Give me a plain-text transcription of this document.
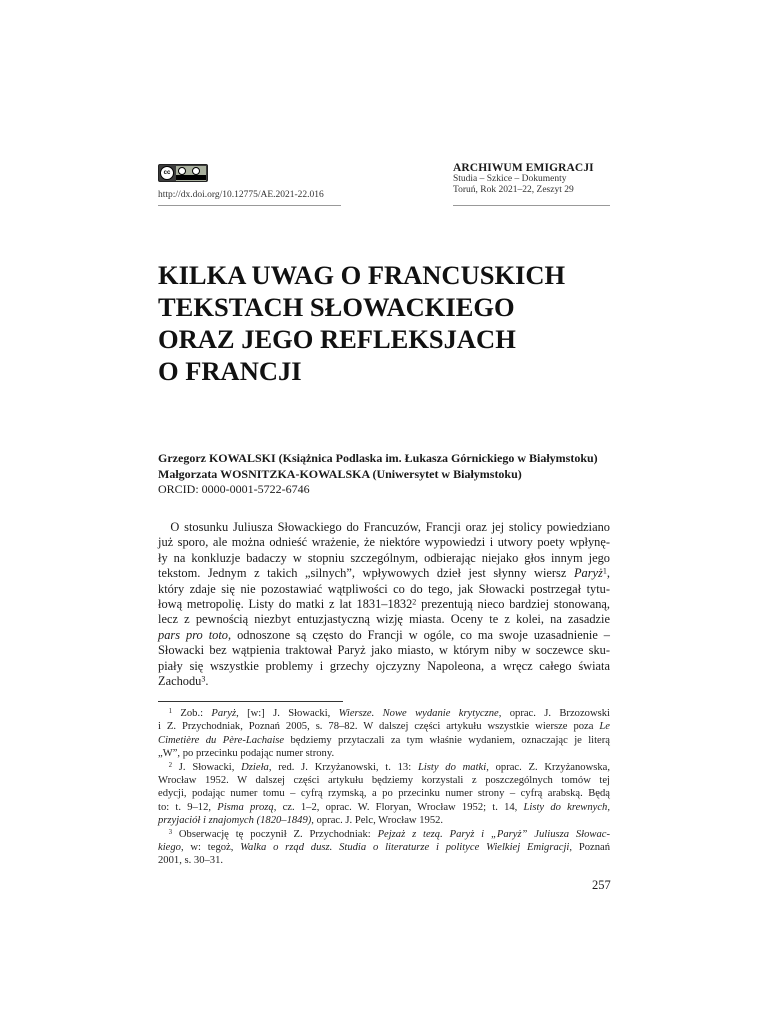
cc
http://dx.doi.org/10.12775/AE.2021-22.016
ARCHIWUM EMIGRACJI
Studia – Szkice – Dokumenty
Toruń, Rok 2021–22, Zeszyt 29
KILKA UWAG O FRANCUSKICH
TEKSTACH SŁOWACKIEGO
ORAZ JEGO REFLEKSJACH
O FRANCJI
Grzegorz KOWALSKI (Książnica Podlaska im. Łukasza Górnickiego w Białymstoku)
Małgorzata WOSNITZKA-KOWALSKA (Uniwersytet w Białymstoku)
ORCID: 0000-0001-5722-6746
 O stosunku Juliusza Słowackiego do Francuzów, Francji oraz jej stolicy powiedziano
już sporo, ale można odnieść wrażenie, że niektóre wypowiedzi i utwory poety wpłynę-
ły na konkluzje badaczy w stopniu szczególnym, odbierając niejako głos innym jego
tekstom. Jednym z takich „silnych”, wpływowych dzieł jest słynny wiersz Paryż$^1$,
który zdaje się nie pozostawiać wątpliwości co do tego, jak Słowacki postrzegał tytu-
łową metropolię. Listy do matki z lat 1831–1832$^2$ prezentują nieco bardziej stonowaną,
lecz z pewnością niezbyt entuzjastyczną wizję miasta. Oceny te z kolei, na zasadzie
pars pro toto, odnoszone są często do Francji w ogóle, co ma swoje uzasadnienie –
Słowacki bez wątpienia traktował Paryż jako miasto, w którym niby w soczewce sku-
piały się wszystkie problemy i grzechy ojczyzny Napoleona, a wręcz całego świata
Zachodu$^3$.
 $^1$ Zob.: Paryż, [w:] J. Słowacki, Wiersze. Nowe wydanie krytyczne, oprac. J. Brzozowski
i Z. Przychodniak, Poznań 2005, s. 78–82. W dalszej części artykułu wszystkie wiersze poza Le
Cimetière du Père-Lachaise będziemy przytaczali za tym właśnie wydaniem, oznaczając je literą
„W”, po przecinku podając numer strony.
 $^2$ J. Słowacki, Dzieła, red. J. Krzyżanowski, t. 13: Listy do matki, oprac. Z. Krzyżanowska,
Wrocław 1952. W dalszej części artykułu będziemy korzystali z poszczególnych tomów tej
edycji, podając numer tomu – cyfrą rzymską, a po przecinku numer strony – cyfrą arabską. Będą
to: t. 9–12, Pisma prozą, cz. 1–2, oprac. W. Floryan, Wrocław 1952; t. 14, Listy do krewnych,
przyjaciół i znajomych (1820–1849), oprac. J. Pelc, Wrocław 1952.
 $^3$ Obserwację tę poczynił Z. Przychodniak: Pejzaż z tezą. Paryż i „Paryż” Juliusza Słowac-
kiego, w: tegoż, Walka o rząd dusz. Studia o literaturze i polityce Wielkiej Emigracji, Poznań
2001, s. 30–31.
257
